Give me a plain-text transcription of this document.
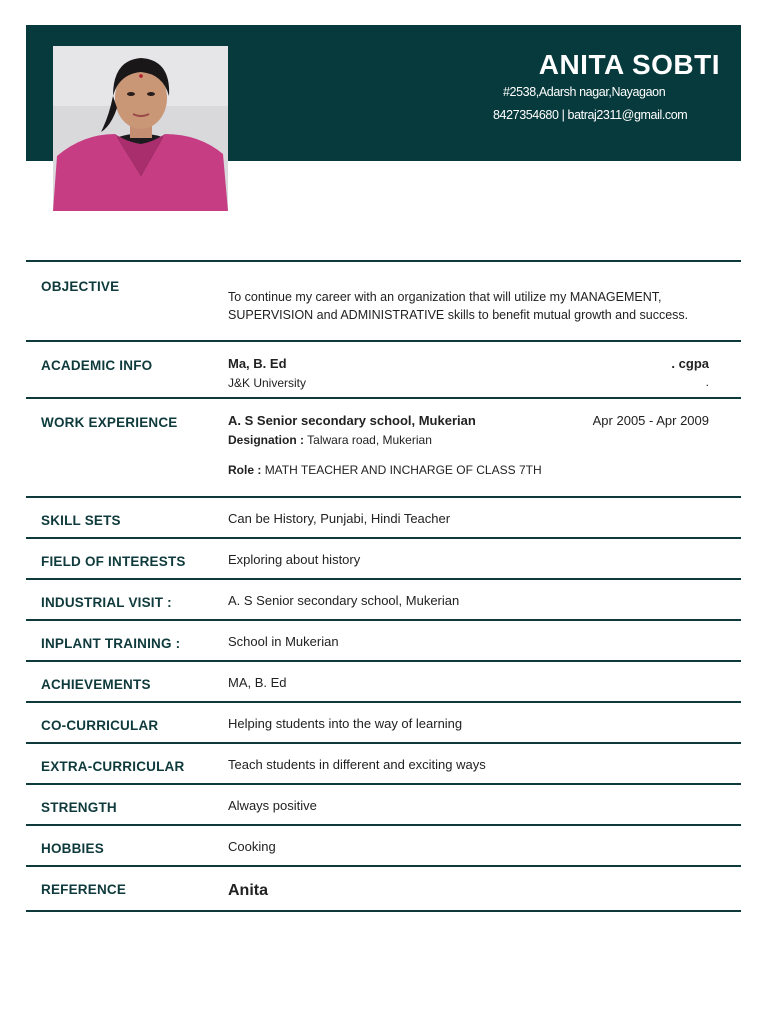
ANITA SOBTI
#2538,Adarsh nagar,Nayagaon
8427354680 | batraj2311@gmail.com
OBJECTIVE
To continue my career with an organization that will utilize my MANAGEMENT, SUPERVISION and ADMINISTRATIVE skills to benefit mutual growth and success.
ACADEMIC INFO	Ma, B. Ed	. cgpa
J&K University	.
WORK EXPERIENCE	A. S Senior secondary school, Mukerian	Apr 2005 - Apr 2009
Designation : Talwara road, Mukerian
Role : MATH TEACHER AND INCHARGE OF CLASS 7TH
SKILL SETS	Can be History, Punjabi, Hindi Teacher
FIELD OF INTERESTS	Exploring about history
INDUSTRIAL VISIT :	A. S Senior secondary school, Mukerian
INPLANT TRAINING :	School in Mukerian
ACHIEVEMENTS	MA, B. Ed
CO-CURRICULAR	Helping students into the way of learning
EXTRA-CURRICULAR	Teach students in different and exciting ways
STRENGTH	Always positive
HOBBIES	Cooking
REFERENCE	Anita
